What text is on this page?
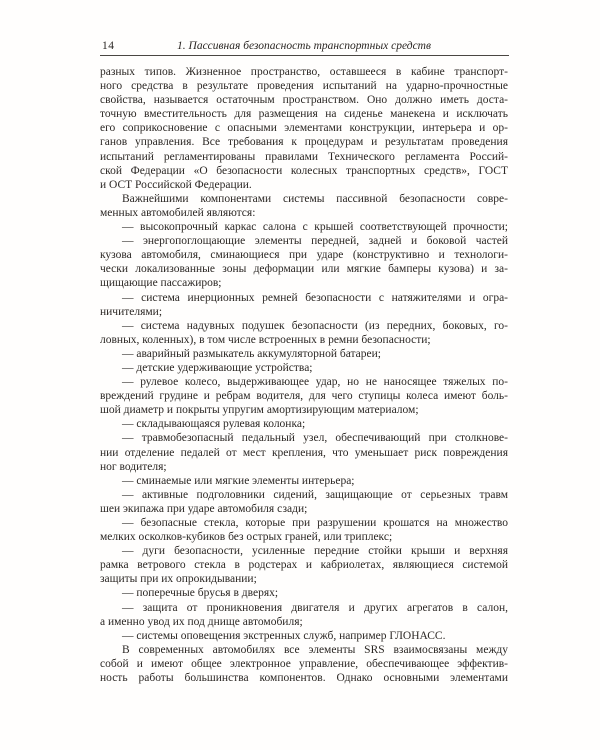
14	1. Пассивная безопасность транспортных средств
разных типов. Жизненное пространство, оставшееся в кабине транспорт-
ного средства в результате проведения испытаний на ударно-прочностные
свойства, называется остаточным пространством. Оно должно иметь доста-
точную вместительность для размещения на сиденье манекена и исключать
его соприкосновение с опасными элементами конструкции, интерьера и ор-
ганов управления. Все требования к процедурам и результатам проведения
испытаний регламентированы правилами Технического регламента Россий-
ской Федерации «О безопасности колесных транспортных средств», ГОСТ
и ОСТ Российской Федерации.
Важнейшими компонентами системы пассивной безопасности совре-
менных автомобилей являются:
— высокопрочный каркас салона с крышей соответствующей прочности;
— энергопоглощающие элементы передней, задней и боковой частей
кузова автомобиля, сминающиеся при ударе (конструктивно и технологи-
чески локализованные зоны деформации или мягкие бамперы кузова) и за-
щищающие пассажиров;
— система инерционных ремней безопасности с натяжителями и огра-
ничителями;
— система надувных подушек безопасности (из передних, боковых, го-
ловных, коленных), в том числе встроенных в ремни безопасности;
— аварийный размыкатель аккумуляторной батареи;
— детские удерживающие устройства;
— рулевое колесо, выдерживающее удар, но не наносящее тяжелых по-
вреждений грудине и ребрам водителя, для чего ступицы колеса имеют боль-
шой диаметр и покрыты упругим амортизирующим материалом;
— складывающаяся рулевая колонка;
— травмобезопасный педальный узел, обеспечивающий при столкнове-
нии отделение педалей от мест крепления, что уменьшает риск повреждения
ног водителя;
— сминаемые или мягкие элементы интерьера;
— активные подголовники сидений, защищающие от серьезных травм
шеи экипажа при ударе автомобиля сзади;
— безопасные стекла, которые при разрушении крошатся на множество
мелких осколков-кубиков без острых граней, или триплекс;
— дуги безопасности, усиленные передние стойки крыши и верхняя
рамка ветрового стекла в родстерах и кабриолетах, являющиеся системой
защиты при их опрокидывании;
— поперечные брусья в дверях;
— защита от проникновения двигателя и других агрегатов в салон,
а именно увод их под днище автомобиля;
— системы оповещения экстренных служб, например ГЛОНАСС.
В современных автомобилях все элементы SRS взаимосвязаны между
собой и имеют общее электронное управление, обеспечивающее эффектив-
ность работы большинства компонентов. Однако основными элементами
